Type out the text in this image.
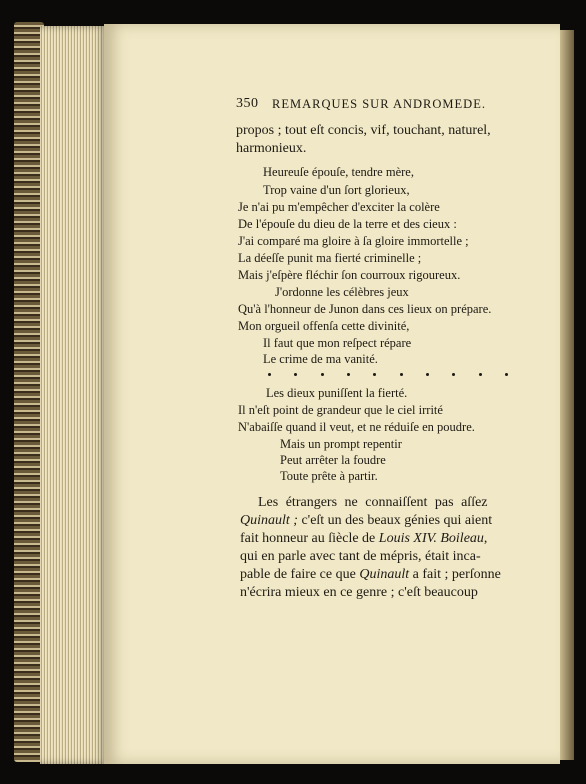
350 REMARQUES SUR ANDROMEDE.
propos ; tout eſt concis, vif, touchant, naturel,
harmonieux.
Heureuſe épouſe, tendre mère,
Trop vaine d'un ſort glorieux,
Je n'ai pu m'empêcher d'exciter la colère
De l'épouſe du dieu de la terre et des cieux :
J'ai comparé ma gloire à ſa gloire immortelle ;
La déeſſe punit ma fierté criminelle ;
Mais j'eſpère fléchir ſon courroux rigoureux.
J'ordonne les célèbres jeux
Qu'à l'honneur de Junon dans ces lieux on prépare.
Mon orgueil offenſa cette divinité,
Il faut que mon reſpect répare
Le crime de ma vanité.
Les dieux puniſſent la fierté.
Il n'eſt point de grandeur que le ciel irrité
N'abaiſſe quand il veut, et ne réduiſe en poudre.
Mais un prompt repentir
Peut arrêter la foudre
Toute prête à partir.
Les étrangers ne connaiſſent pas aſſez
Quinault ; c'eſt un des beaux génies qui aient
fait honneur au ſiècle de Louis XIV. Boileau,
qui en parle avec tant de mépris, était inca-
pable de faire ce que Quinault a fait ; perſonne
n'écrira mieux en ce genre ; c'eſt beaucoup
